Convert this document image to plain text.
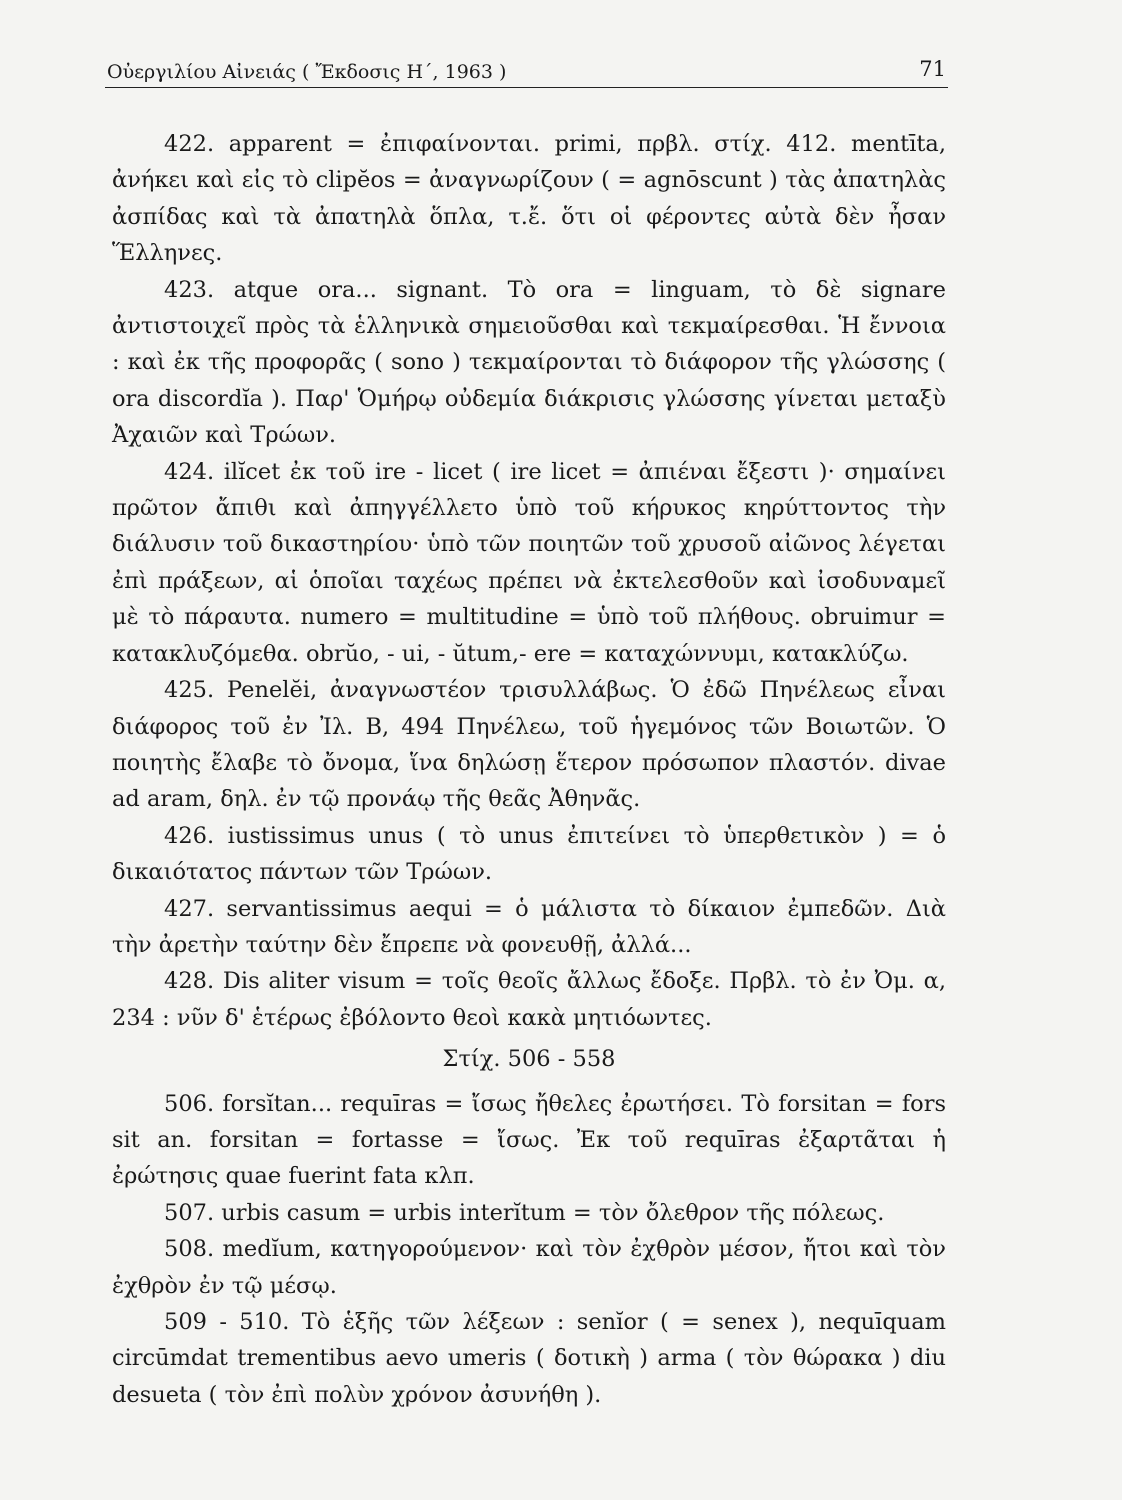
Οὐεργιλίου Αἰνειάς ( Ἔκδοσις Η΄, 1963 )	71

422. apparent = ἐπιφαίνονται. primi, πρβλ. στίχ. 412. mentīta, ἀνήκει καὶ εἰς τὸ clipĕos = ἀναγνωρίζουν ( = agnōscunt ) τὰς ἀπατηλὰς ἀσπίδας καὶ τὰ ἀπατηλὰ ὅπλα, τ.ἔ. ὅτι οἱ φέροντες αὐτὰ δὲν ἦσαν Ἕλληνες.

423. atque ora... signant. Τὸ ora = linguam, τὸ δὲ signare ἀντιστοιχεῖ πρὸς τὰ ἑλληνικὰ σημειοῦσθαι καὶ τεκμαίρεσθαι. Ἡ ἔννοια : καὶ ἐκ τῆς προφορᾶς ( sono ) τεκμαίρονται τὸ διάφορον τῆς γλώσσης ( ora discordĭa ). Παρ' Ὁμήρῳ οὐδεμία διάκρισις γλώσσης γίνεται μεταξὺ Ἀχαιῶν καὶ Τρώων.

424. ilĭcet ἐκ τοῦ ire - licet ( ire licet = ἀπιέναι ἔξεστι )· σημαίνει πρῶτον ἄπιθι καὶ ἀπηγγέλλετο ὑπὸ τοῦ κήρυκος κηρύττοντος τὴν διάλυσιν τοῦ δικαστηρίου· ὑπὸ τῶν ποιητῶν τοῦ χρυσοῦ αἰῶνος λέγεται ἐπὶ πράξεων, αἱ ὁποῖαι ταχέως πρέπει νὰ ἐκτελεσθοῦν καὶ ἰσοδυναμεῖ μὲ τὸ πάραυτα. numero = multitudine = ὑπὸ τοῦ πλήθους. obruimur = κατακλυζόμεθα. obrŭo, - ui, - ŭtum,- ere = καταχώννυμι, κατακλύζω.

425. Penelĕi, ἀναγνωστέον τρισυλλάβως. Ὁ ἐδῶ Πηνέλεως εἶναι διάφορος τοῦ ἐν Ἰλ. Β, 494 Πηνέλεω, τοῦ ἡγεμόνος τῶν Βοιωτῶν. Ὁ ποιητὴς ἔλαβε τὸ ὄνομα, ἵνα δηλώσῃ ἕτερον πρόσωπον πλαστόν. divae ad aram, δηλ. ἐν τῷ προνάῳ τῆς θεᾶς Ἀθηνᾶς.

426. iustissimus unus ( τὸ unus ἐπιτείνει τὸ ὑπερθετικὸν ) = ὁ δικαιότατος πάντων τῶν Τρώων.

427. servantissimus aequi = ὁ μάλιστα τὸ δίκαιον ἐμπεδῶν. Διὰ τὴν ἀρετὴν ταύτην δὲν ἔπρεπε νὰ φονευθῇ, ἀλλά...

428. Dis aliter visum = τοῖς θεοῖς ἄλλως ἔδοξε. Πρβλ. τὸ ἐν Ὀμ. α, 234 : νῦν δ' ἑτέρως ἐβόλοντο θεοὶ κακὰ μητιόωντες.

Στίχ. 506 - 558

506. forsĭtan... requīras = ἴσως ἤθελες ἐρωτήσει. Τὸ forsitan = fors sit an. forsitan = fortasse = ἴσως. Ἐκ τοῦ requīras ἐξαρτᾶται ἡ ἐρώτησις quae fuerint fata κλπ.

507. urbis casum = urbis interĭtum = τὸν ὄλεθρον τῆς πόλεως.

508. medĭum, κατηγορούμενον· καὶ τὸν ἐχθρὸν μέσον, ἤτοι καὶ τὸν ἐχθρὸν ἐν τῷ μέσῳ.

509 - 510. Τὸ ἑξῆς τῶν λέξεων : senĭor ( = senex ), nequīquam circūmdat trementibus aevo umeris ( δοτικὴ ) arma ( τὸν θώρακα ) diu desueta ( τὸν ἐπὶ πολὺν χρόνον ἀσυνήθη ).
